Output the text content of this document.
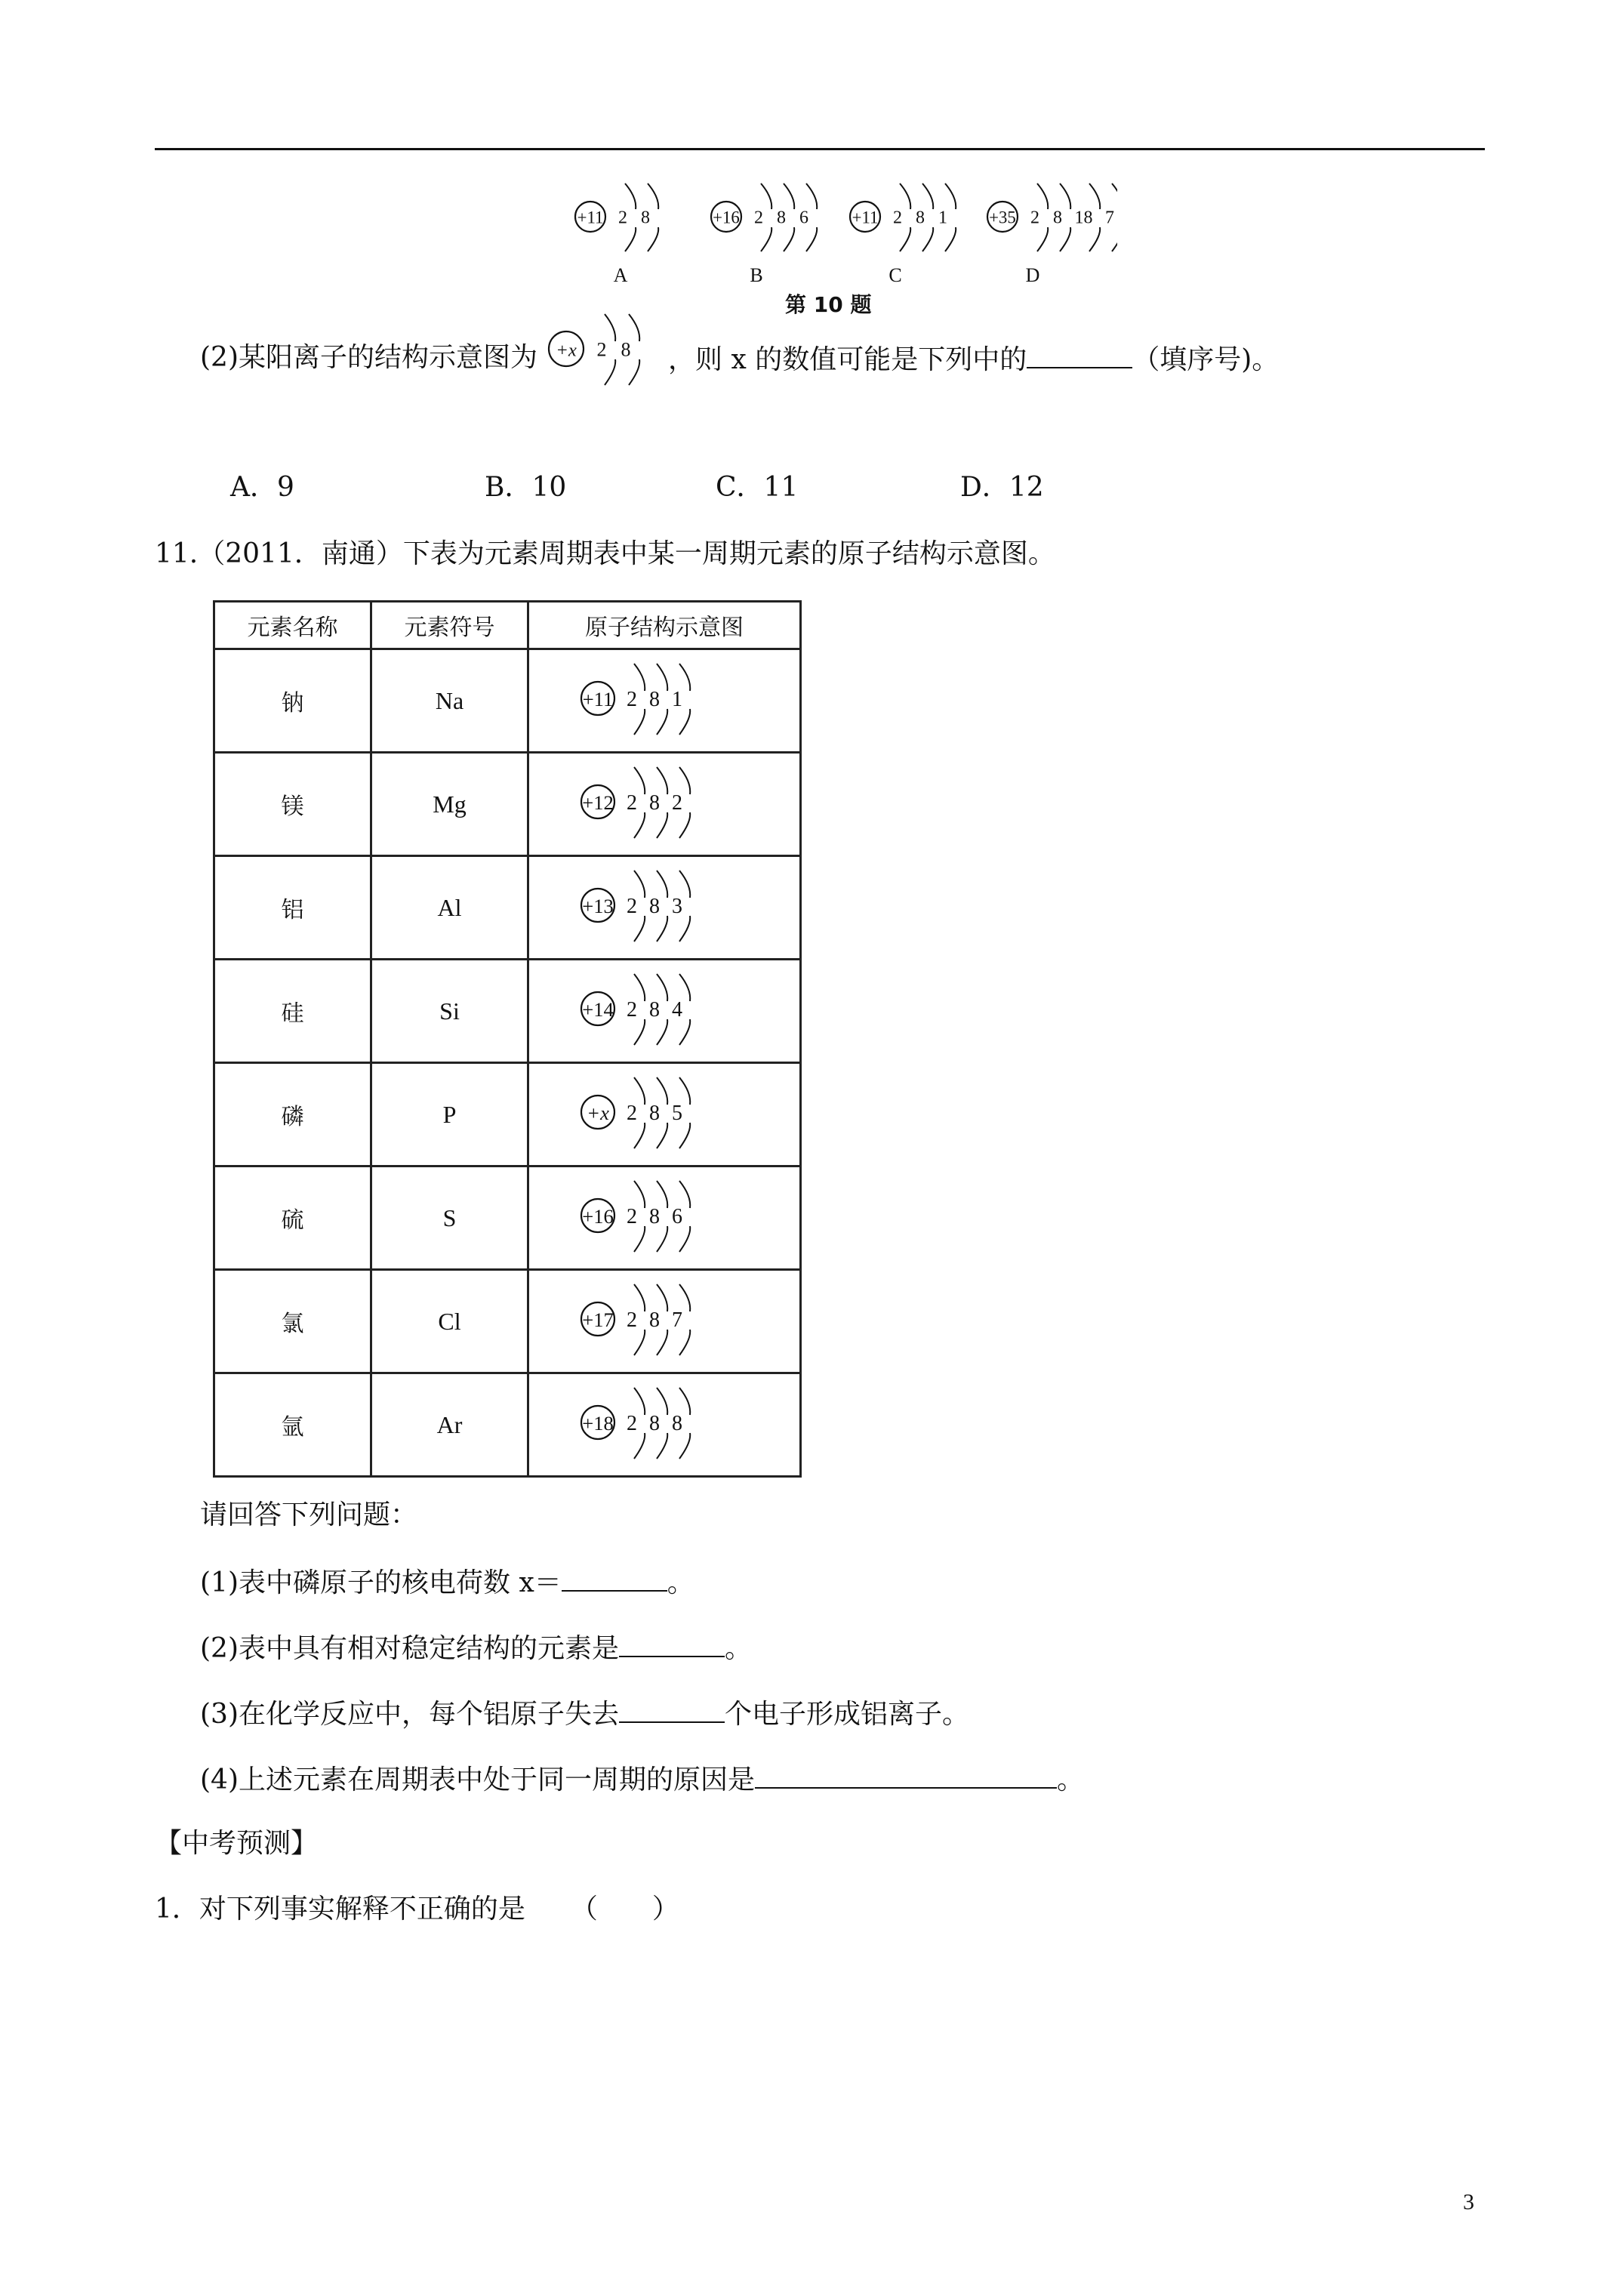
+11 2 8
A
+16 2 8 6
B
+11 2 8 1
C
+35 2 8 18 7
D
第 10 题
(2)某阳离子的结构示意图为 +x 2 8 ，则 x 的数值可能是下列中的	（填序号)。
A．9	B．10	C．11	D．12
11.（2011．南通）下表为元素周期表中某一周期元素的原子结构示意图。
元素名称	元素符号	原子结构示意图
钠	Na	+11 2 8 1

镁	Mg	+12 2 8 2

铝	Al	+13 2 8 3

硅	Si	+14 2 8 4

磷	P	+x 2 8 5

硫	S	+16 2 8 6

氯	Cl	+17 2 8 7

氩	Ar	+18 2 8 8
请回答下列问题：
(1)表中磷原子的核电荷数 x＝	。
(2)表中具有相对稳定结构的元素是	。
(3)在化学反应中，每个铝原子失去	个电子形成铝离子。
(4)上述元素在周期表中处于同一周期的原因是	。
【中考预测】
1．对下列事实解释不正确的是 （　　）
3
